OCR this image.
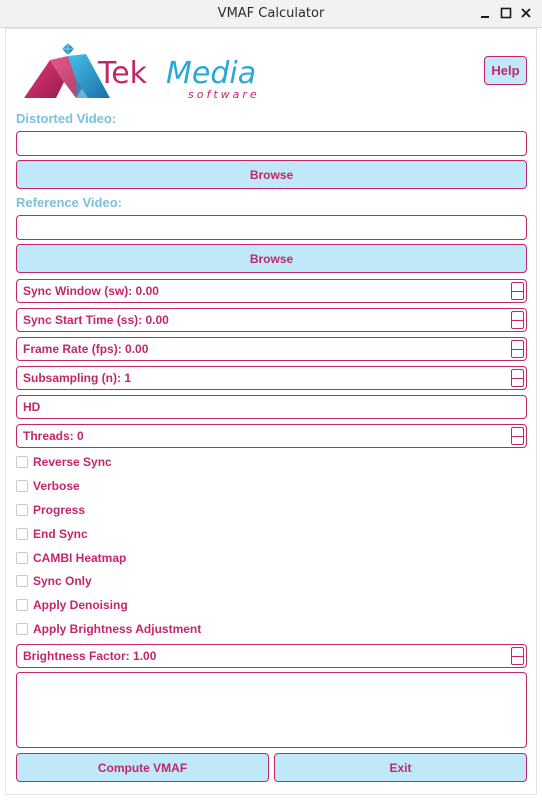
VMAF Calculator
Tek Media
software
Help
Distorted Video:
Browse
Reference Video:
Browse
Sync Window (sw): 0.00
Sync Start Time (ss): 0.00
Frame Rate (fps): 0.00
Subsampling (n): 1
HD
Threads: 0
Reverse Sync
Verbose
Progress
End Sync
CAMBI Heatmap
Sync Only
Apply Denoising
Apply Brightness Adjustment
Brightness Factor: 1.00
Compute VMAF	Exit
